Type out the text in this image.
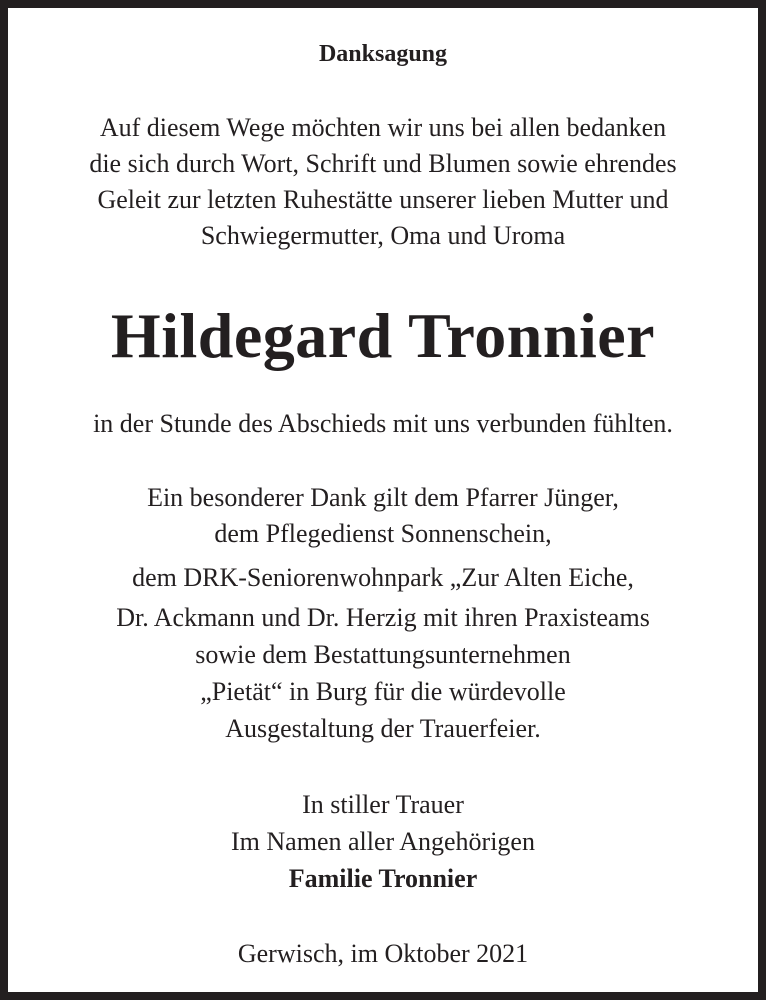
Danksagung
Auf diesem Wege möchten wir uns bei allen bedanken
die sich durch Wort, Schrift und Blumen sowie ehrendes
Geleit zur letzten Ruhestätte unserer lieben Mutter und
Schwiegermutter, Oma und Uroma
Hildegard Tronnier
in der Stunde des Abschieds mit uns verbunden fühlten.
Ein besonderer Dank gilt dem Pfarrer Jünger,
dem Pflegedienst Sonnenschein,
dem DRK-Seniorenwohnpark „Zur Alten Eiche,
Dr. Ackmann und Dr. Herzig mit ihren Praxisteams
sowie dem Bestattungsunternehmen
„Pietät“ in Burg für die würdevolle
Ausgestaltung der Trauerfeier.
In stiller Trauer
Im Namen aller Angehörigen
Familie Tronnier
Gerwisch, im Oktober 2021
